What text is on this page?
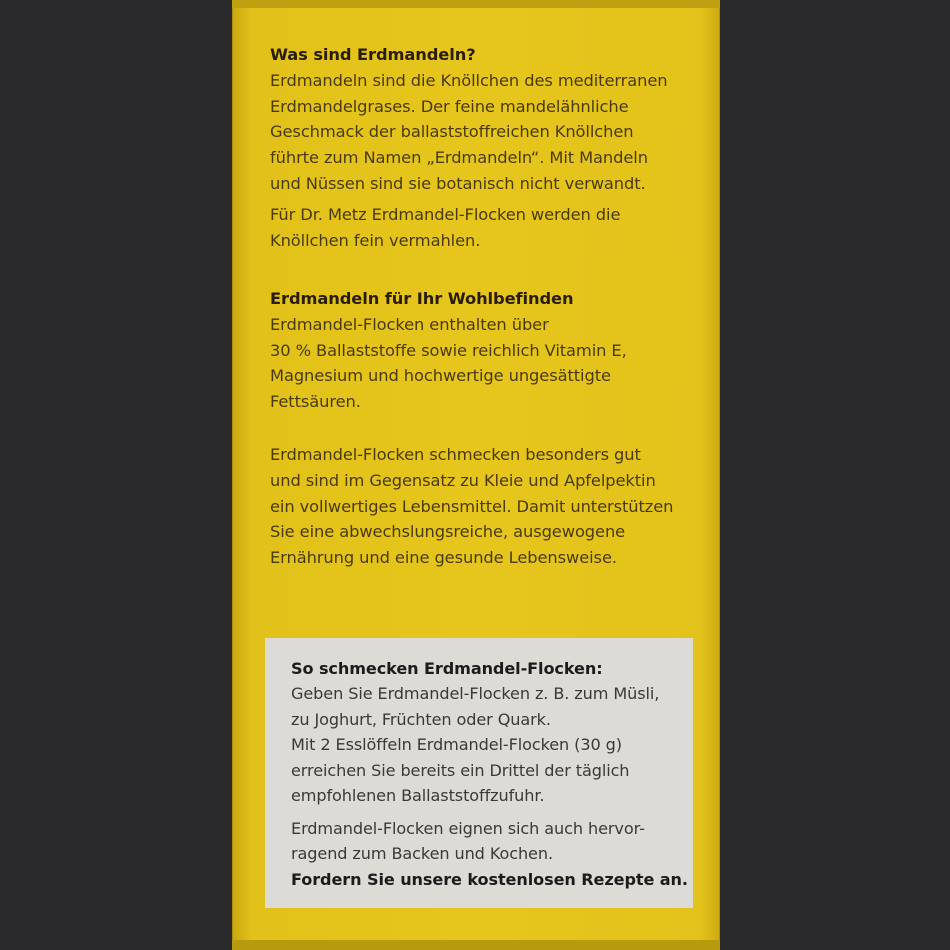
Was sind Erdmandeln?
Erdmandeln sind die Knöllchen des mediterranen
Erdmandelgrases. Der feine mandelähnliche
Geschmack der ballaststoffreichen Knöllchen
führte zum Namen „Erdmandeln“. Mit Mandeln
und Nüssen sind sie botanisch nicht verwandt.
Für Dr. Metz Erdmandel-Flocken werden die
Knöllchen fein vermahlen.
Erdmandeln für Ihr Wohlbefinden
Erdmandel-Flocken enthalten über
30 % Ballaststoffe sowie reichlich Vitamin E,
Magnesium und hochwertige ungesättigte
Fettsäuren.
Erdmandel-Flocken schmecken besonders gut
und sind im Gegensatz zu Kleie und Apfelpektin
ein vollwertiges Lebensmittel. Damit unterstützen
Sie eine abwechslungsreiche, ausgewogene
Ernährung und eine gesunde Lebensweise.
So schmecken Erdmandel-Flocken:
Geben Sie Erdmandel-Flocken z. B. zum Müsli,
zu Joghurt, Früchten oder Quark.
Mit 2 Esslöffeln Erdmandel-Flocken (30 g)
erreichen Sie bereits ein Drittel der täglich
empfohlenen Ballaststoffzufuhr.
Erdmandel-Flocken eignen sich auch hervor-
ragend zum Backen und Kochen.
Fordern Sie unsere kostenlosen Rezepte an.
